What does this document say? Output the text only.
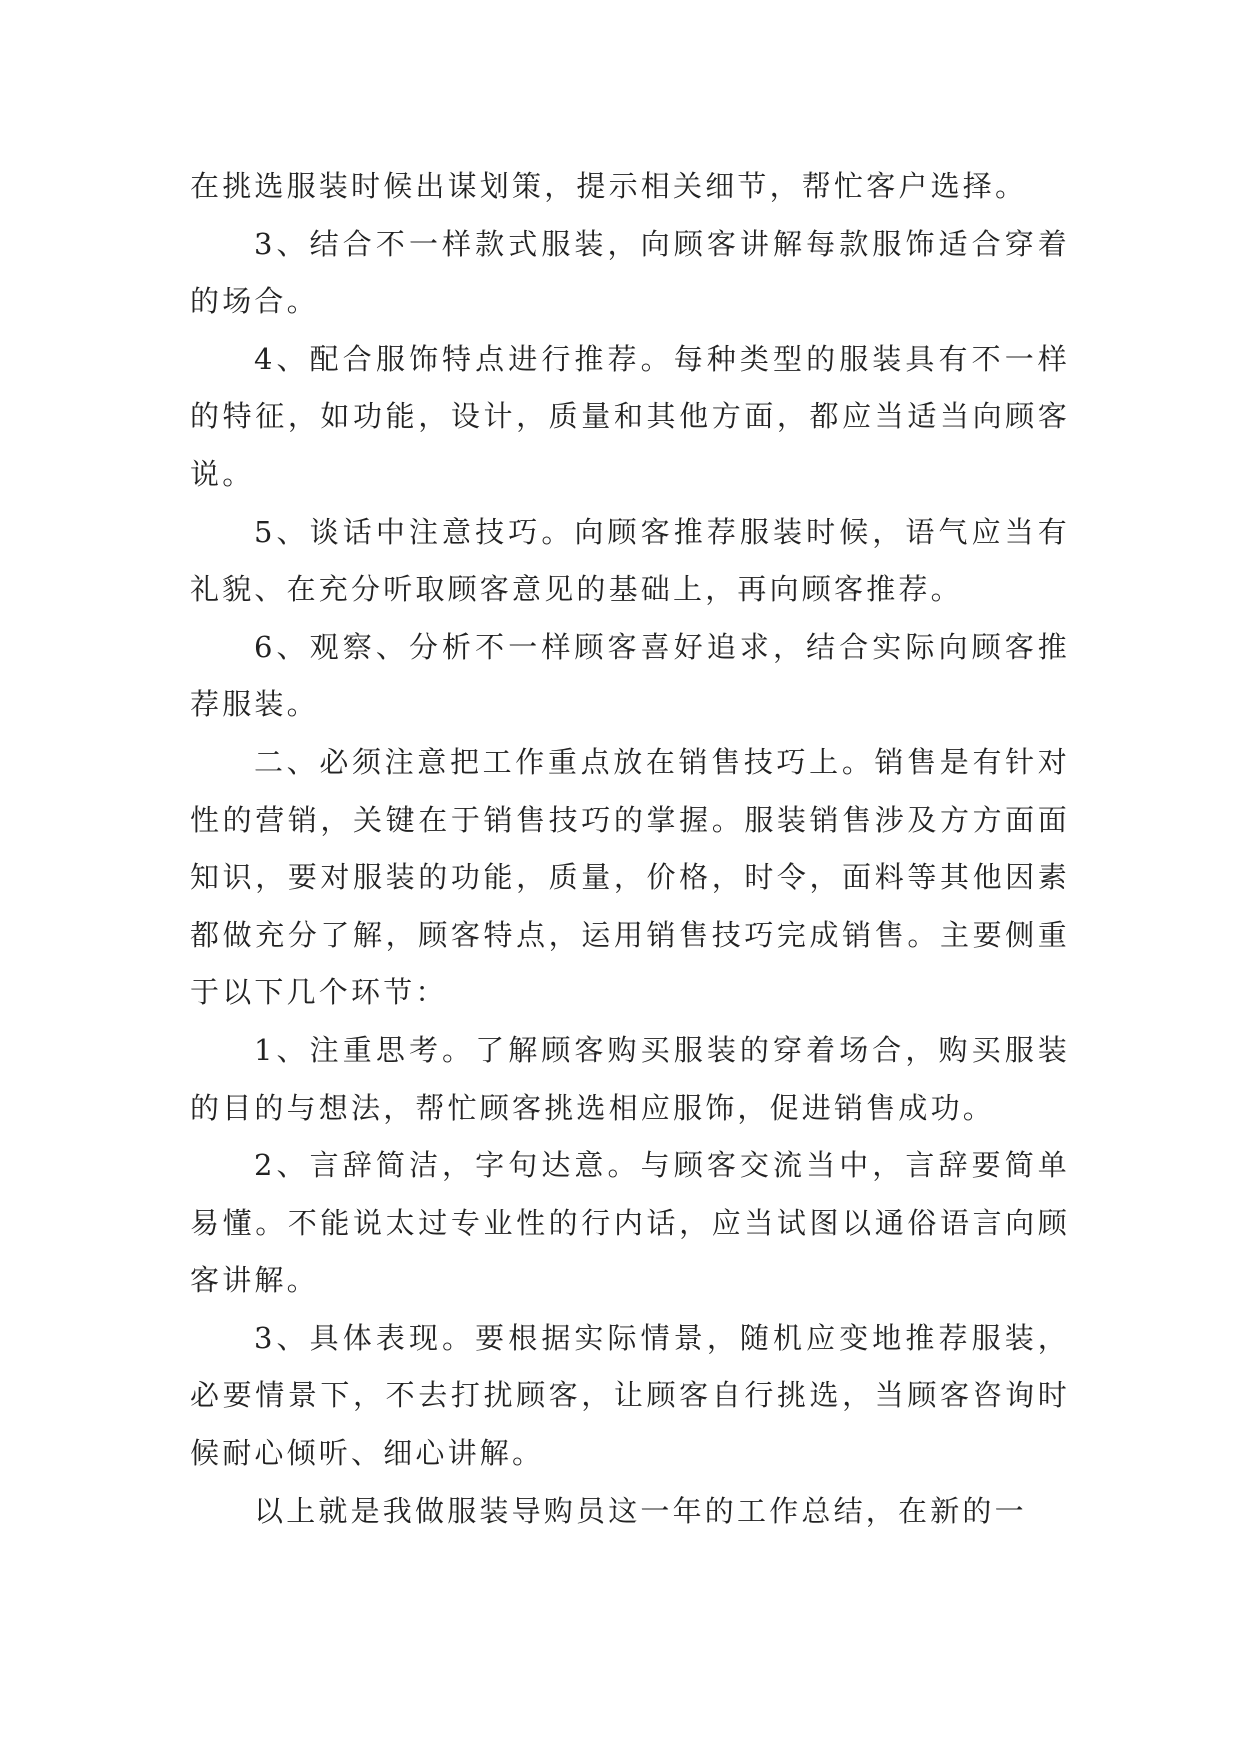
在挑选服装时候出谋划策，提示相关细节，帮忙客户选择。

3、结合不一样款式服装，向顾客讲解每款服饰适合穿着的场合。

4、配合服饰特点进行推荐。每种类型的服装具有不一样的特征，如功能，设计，质量和其他方面，都应当适当向顾客说。

5、谈话中注意技巧。向顾客推荐服装时候，语气应当有礼貌、在充分听取顾客意见的基础上，再向顾客推荐。

6、观察、分析不一样顾客喜好追求，结合实际向顾客推荐服装。

二、必须注意把工作重点放在销售技巧上。销售是有针对性的营销，关键在于销售技巧的掌握。服装销售涉及方方面面知识，要对服装的功能，质量，价格，时令，面料等其他因素都做充分了解，顾客特点，运用销售技巧完成销售。主要侧重于以下几个环节：

1、注重思考。了解顾客购买服装的穿着场合，购买服装的目的与想法，帮忙顾客挑选相应服饰，促进销售成功。

2、言辞简洁，字句达意。与顾客交流当中，言辞要简单易懂。不能说太过专业性的行内话，应当试图以通俗语言向顾客讲解。

3、具体表现。要根据实际情景，随机应变地推荐服装，必要情景下，不去打扰顾客，让顾客自行挑选，当顾客咨询时候耐心倾听、细心讲解。

以上就是我做服装导购员这一年的工作总结，在新的一
